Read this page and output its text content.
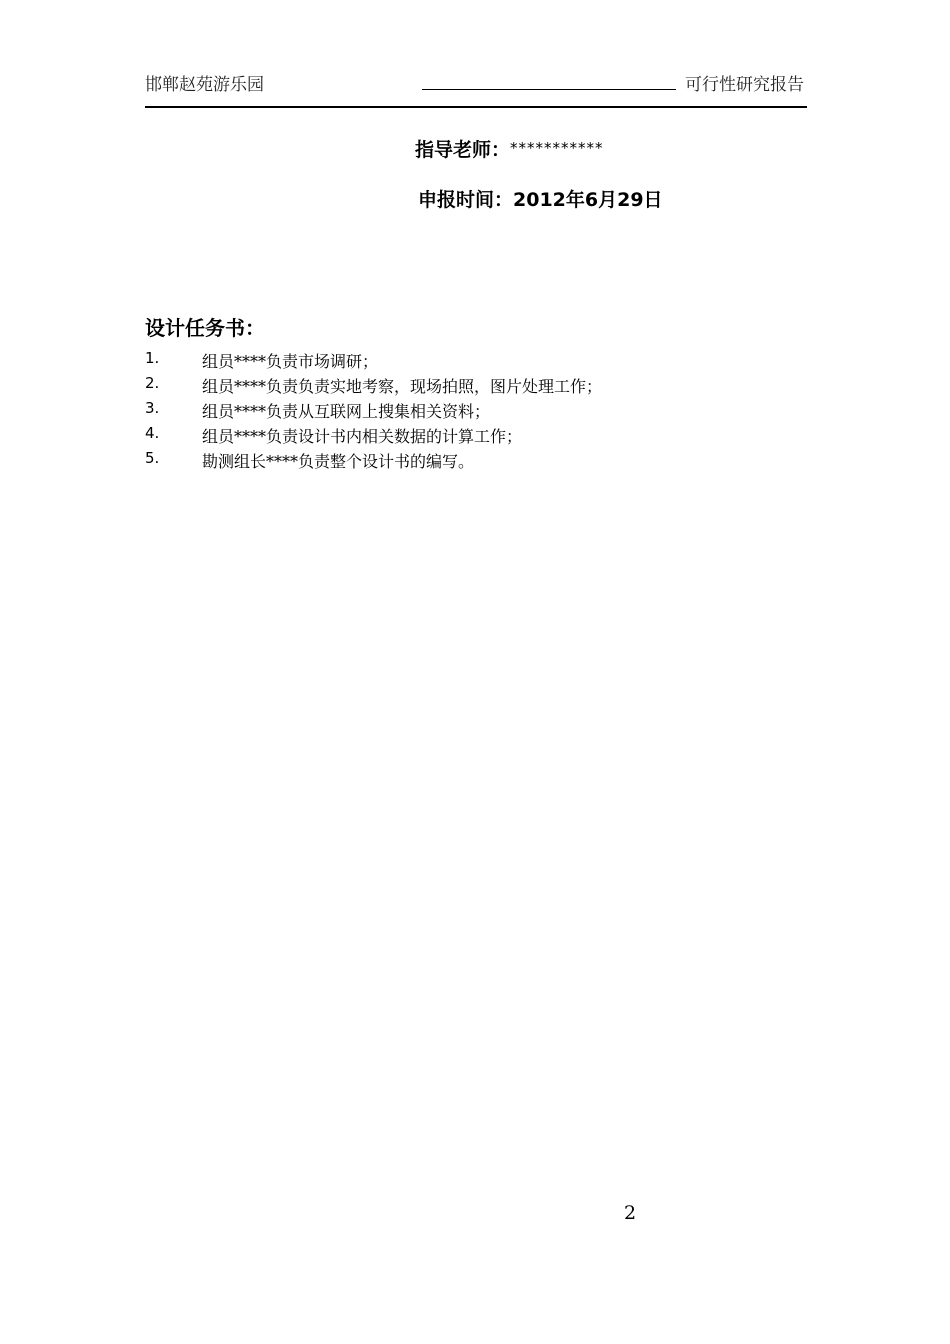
邯郸赵苑游乐园	可行性研究报告
指导老师：***********
申报时间：2012年6月29日
设计任务书：
1.	组员****负责市场调研；
2.	组员****负责负责实地考察，现场拍照，图片处理工作；
3.	组员****负责从互联网上搜集相关资料；
4.	组员****负责设计书内相关数据的计算工作；
5.	勘测组长****负责整个设计书的编写。
2
